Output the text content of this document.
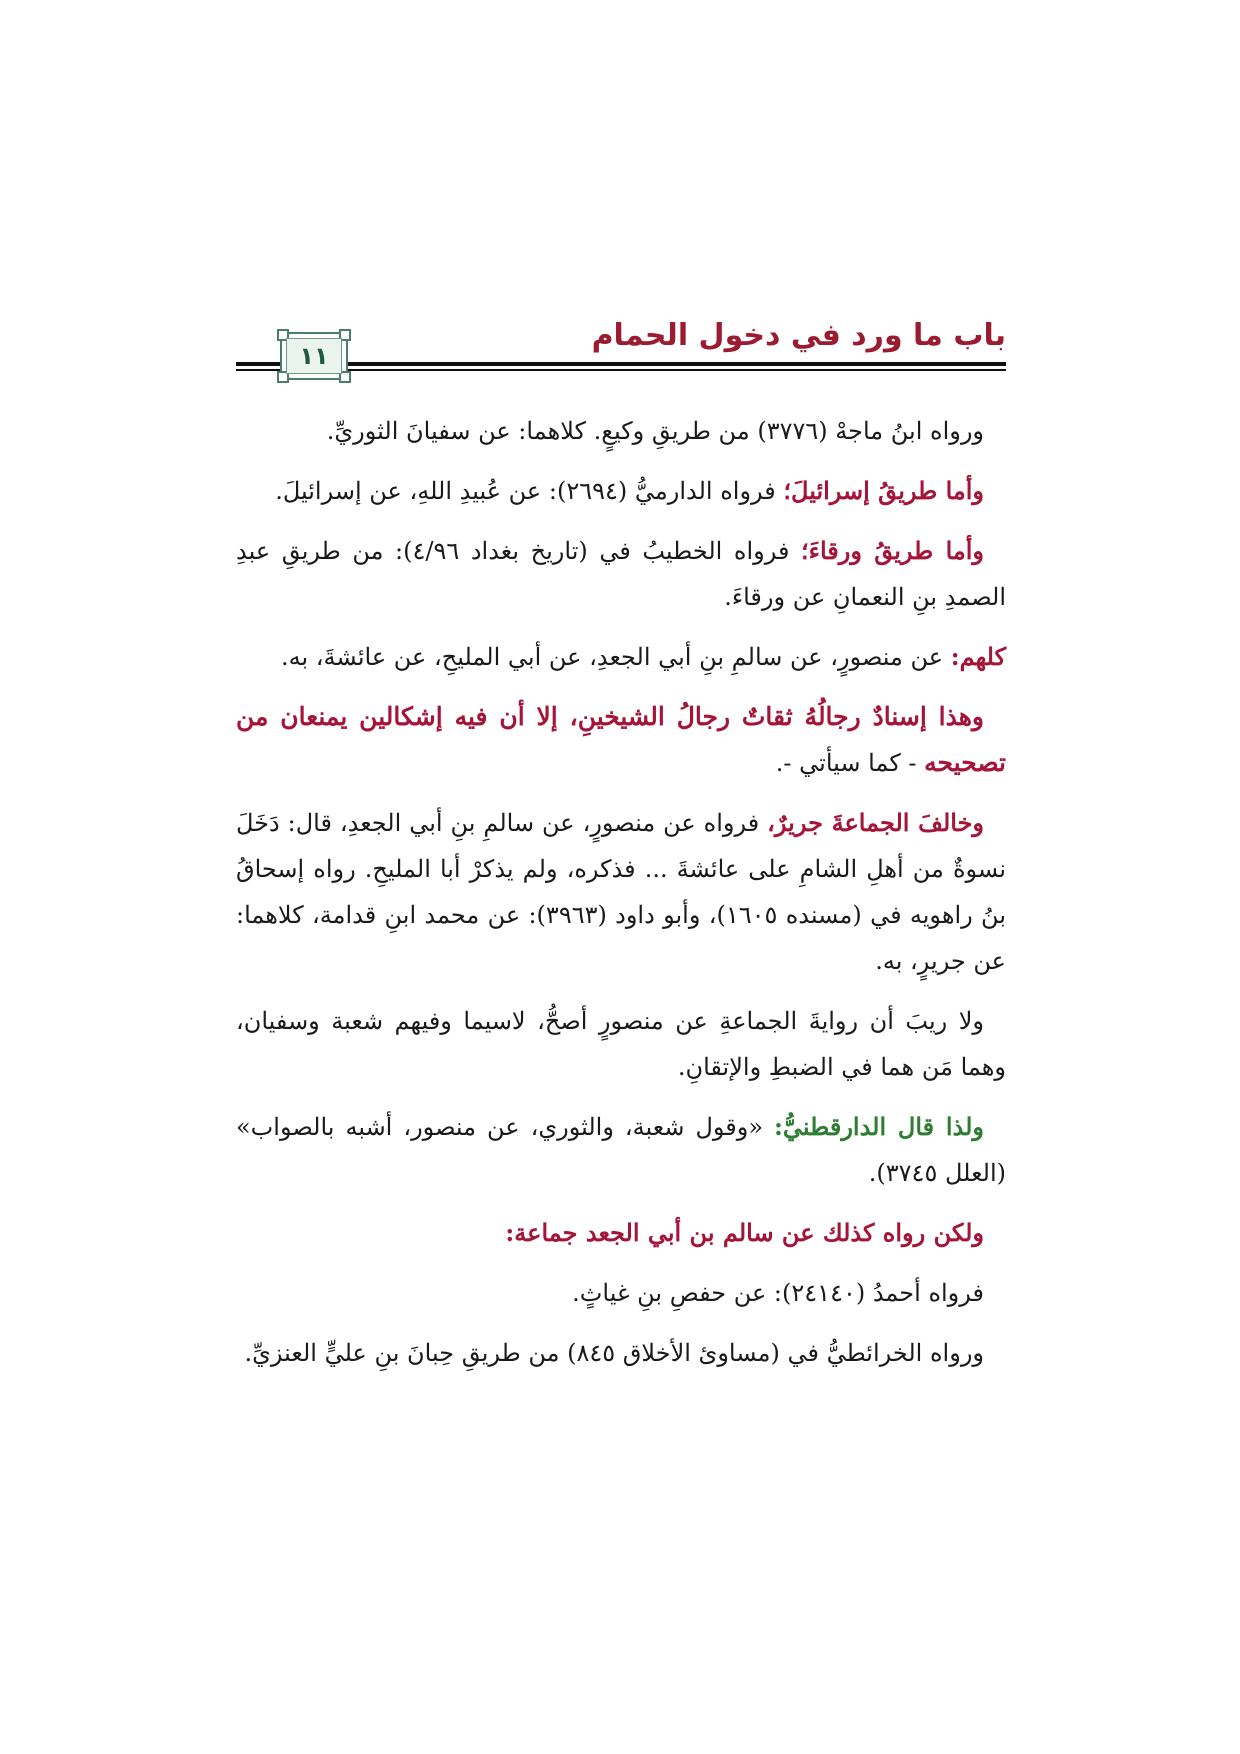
باب ما ورد في دخول الحمام
١١

ورواه ابنُ ماجهْ (٣٧٧٦) من طريقِ وكيعٍ. كلاهما: عن سفيانَ الثوريِّ.

وأما طريقُ إسرائيلَ؛ فرواه الدارميُّ (٢٦٩٤): عن عُبيدِ اللهِ، عن إسرائيلَ.

وأما طريقُ ورقاءَ؛ فرواه الخطيبُ في (تاريخ بغداد ٤/٩٦): من طريقِ عبدِ الصمدِ بنِ النعمانِ عن ورقاءَ.

كلهم: عن منصورٍ، عن سالمِ بنِ أبي الجعدِ، عن أبي المليحِ، عن عائشةَ، به.

وهذا إسنادٌ رجالُهُ ثقاتٌ رجالُ الشيخينِ، إلا أن فيه إشكالين يمنعان من تصحيحه - كما سيأتي -.

وخالفَ الجماعةَ جريرٌ، فرواه عن منصورٍ، عن سالمِ بنِ أبي الجعدِ، قال: دَخَلَ نسوةٌ من أهلِ الشامِ على عائشةَ ... فذكره، ولم يذكرْ أبا المليحِ. رواه إسحاقُ بنُ راهويه في (مسنده ١٦٠٥)، وأبو داود (٣٩٦٣): عن محمد ابنِ قدامة، كلاهما: عن جريرٍ، به.

ولا ريبَ أن روايةَ الجماعةِ عن منصورٍ أصحُّ، لاسيما وفيهم شعبة وسفيان، وهما مَن هما في الضبطِ والإتقانِ.

ولذا قال الدارقطنيُّ: «وقول شعبة، والثوري، عن منصور، أشبه بالصواب» (العلل ٣٧٤٥).

ولكن رواه كذلك عن سالم بن أبي الجعد جماعة:

فرواه أحمدُ (٢٤١٤٠): عن حفصِ بنِ غياثٍ.

ورواه الخرائطيُّ في (مساوئ الأخلاق ٨٤٥) من طريقِ حِبانَ بنِ عليٍّ العنزيِّ.
